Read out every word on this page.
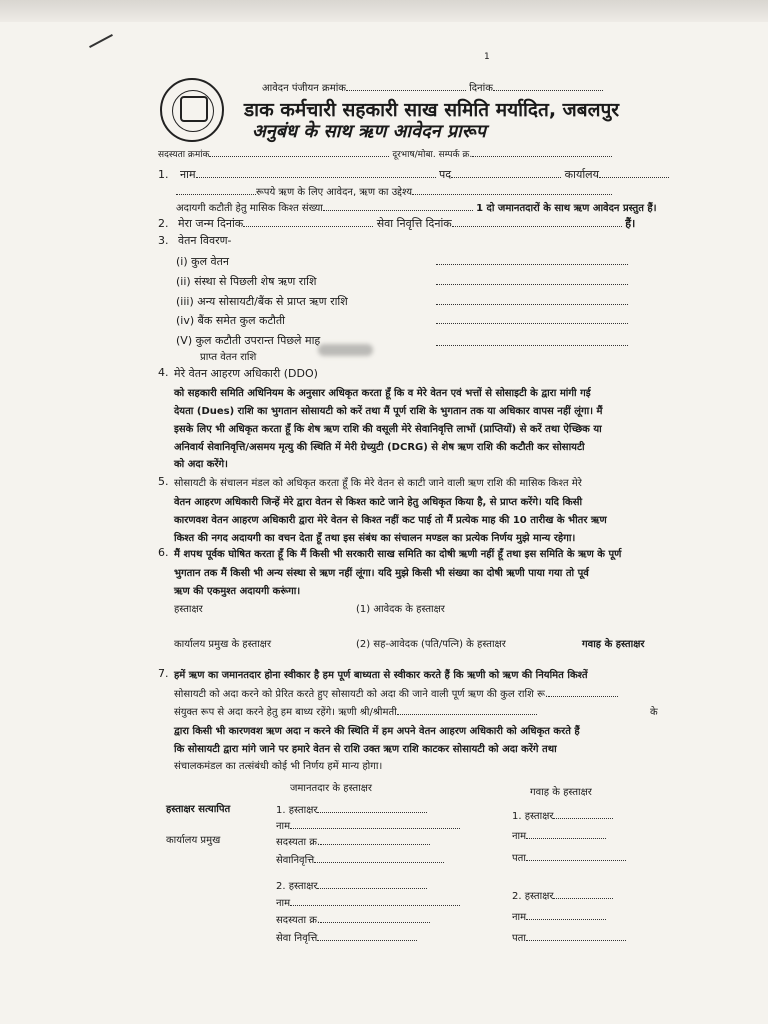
1
आवेदन पंजीयन क्रमांक	दिनांक
डाक कर्मचारी सहकारी साख समिति मर्यादित, जबलपुर
अनुबंध के साथ ऋण आवेदन प्रारूप
सदस्यता क्रमांक	दूरभाष/मोबा. सम्पर्क क्र.
1. नाम	पद	कार्यालय
रूपये ऋण के लिए आवेदन, ऋण का उद्देश्य
अदायगी कटौती हेतु मासिक किश्त संख्या	1 दो जमानतदारों के साथ ऋण आवेदन प्रस्तुत हैं।
2. मेरा जन्म दिनांक	सेवा निवृत्ति दिनांक	हैं।
3. वेतन विवरण-
(i) कुल वेतन
(ii) संस्था से पिछली शेष ऋण राशि
(iii) अन्य सोसायटी/बैंक से प्राप्त ऋण राशि
(iv) बैंक समेत कुल कटौती
(V) कुल कटौती उपरान्त पिछले माह
प्राप्त वेतन राशि
4. मेरे वेतन आहरण अधिकारी (DDO)
को सहकारी समिति अधिनियम के अनुसार अधिकृत करता हूँ कि व मेरे वेतन एवं भत्तों से सोसाइटी के द्वारा मांगी गई
देयता (Dues) राशि का भुगतान सोसायटी को करें तथा मैं पूर्ण राशि के भुगतान तक या अधिकार वापस नहीं लूंगा। मैं
इसके लिए भी अधिकृत करता हूँ कि शेष ऋण राशि की वसूली मेरे सेवानिवृत्ति लाभों (प्राप्तियों) से करें तथा ऐच्छिक या
अनिवार्य सेवानिवृत्ति/असमय मृत्यु की स्थिति में मेरी ग्रेच्युटी (DCRG) से शेष ऋण राशि की कटौती कर सोसायटी
को अदा करेंगे।
5. सोसायटी के संचालन मंडल को अधिकृत करता हूँ कि मेरे वेतन से काटी जाने वाली ऋण राशि की मासिक किश्त मेरे
वेतन आहरण अधिकारी जिन्हें मेरे द्वारा वेतन से किश्त काटे जाने हेतु अधिकृत किया है, से प्राप्त करेंगे। यदि किसी
कारणवश वेतन आहरण अधिकारी द्वारा मेरे वेतन से किश्त नहीं कट पाई तो मैं प्रत्येक माह की 10 तारीख के भीतर ऋण
किश्त की नगद अदायगी का वचन देता हूँ तथा इस संबंध का संचालन मण्डल का प्रत्येक निर्णय मुझे मान्य रहेगा।
6. मैं शपथ पूर्वक घोषित करता हूँ कि मैं किसी भी सरकारी साख समिति का दोषी ऋणी नहीं हूँ तथा इस समिति के ऋण के पूर्ण
भुगतान तक मैं किसी भी अन्य संस्था से ऋण नहीं लूंगा। यदि मुझे किसी भी संख्या का दोषी ऋणी पाया गया तो पूर्व
ऋण की एकमुश्त अदायगी करूंगा।
हस्ताक्षर	(1) आवेदक के हस्ताक्षर
कार्यालय प्रमुख के हस्ताक्षर	(2) सह-आवेदक (पति/पत्नि) के हस्ताक्षर	गवाह के हस्ताक्षर
7. हमें ऋण का जमानतदार होना स्वीकार है हम पूर्ण बाध्यता से स्वीकार करते हैं कि ऋणी को ऋण की नियमित किश्तें
सोसायटी को अदा करने को प्रेरित करते हुए सोसायटी को अदा की जाने वाली पूर्ण ऋण की कुल राशि रू.
संयुक्त रूप से अदा करने हेतु हम बाध्य रहेंगे। ऋणी श्री/श्रीमती	के
द्वारा किसी भी कारणवश ऋण अदा न करने की स्थिति में हम अपने वेतन आहरण अधिकारी को अधिकृत करते हैं
कि सोसायटी द्वारा मांगे जाने पर हमारे वेतन से राशि उक्त ऋण राशि काटकर सोसायटी को अदा करेंगे तथा
संचालकमंडल का तत्संबंधी कोई भी निर्णय हमें मान्य होगा।
जमानतदार के हस्ताक्षर	गवाह के हस्ताक्षर
हस्ताक्षर सत्यापित
कार्यालय प्रमुख
1. हस्ताक्षर
नाम
सदस्यता क्र.
सेवानिवृत्ति
2. हस्ताक्षर
नाम
सदस्यता क्र.
सेवा निवृत्ति
1. हस्ताक्षर
नाम
पता
2. हस्ताक्षर
नाम
पता
